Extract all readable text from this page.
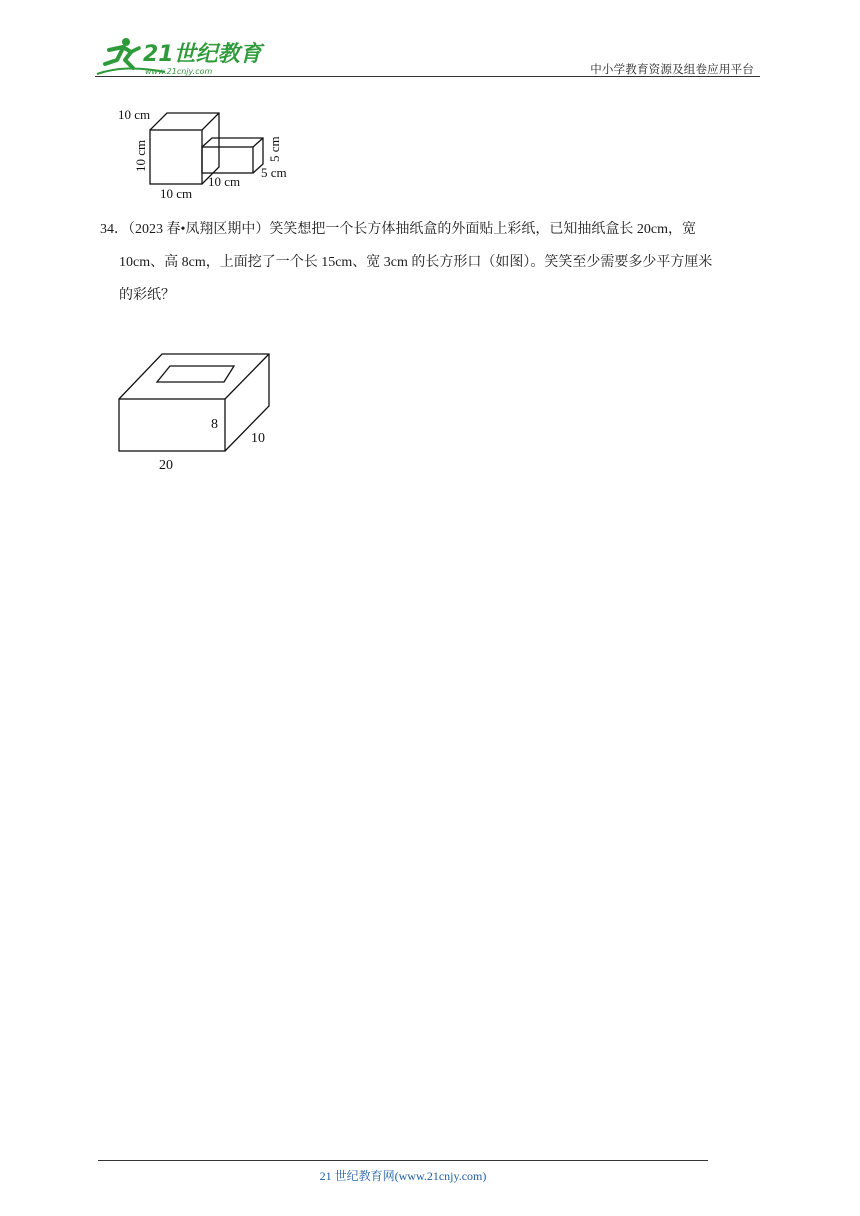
21世纪教育
www.21cnjy.com	中小学教育资源及组卷应用平台
10 cm
10 cm
10 cm
10 cm
5 cm
5 cm
34．（2023 春•凤翔区期中）笑笑想把一个长方体抽纸盒的外面贴上彩纸，已知抽纸盒长 20cm，宽
10cm、高 8cm，上面挖了一个长 15cm、宽 3cm 的长方形口（如图）。笑笑至少需要多少平方厘米
的彩纸？
20
8
10
21 世纪教育网(www.21cnjy.com)
